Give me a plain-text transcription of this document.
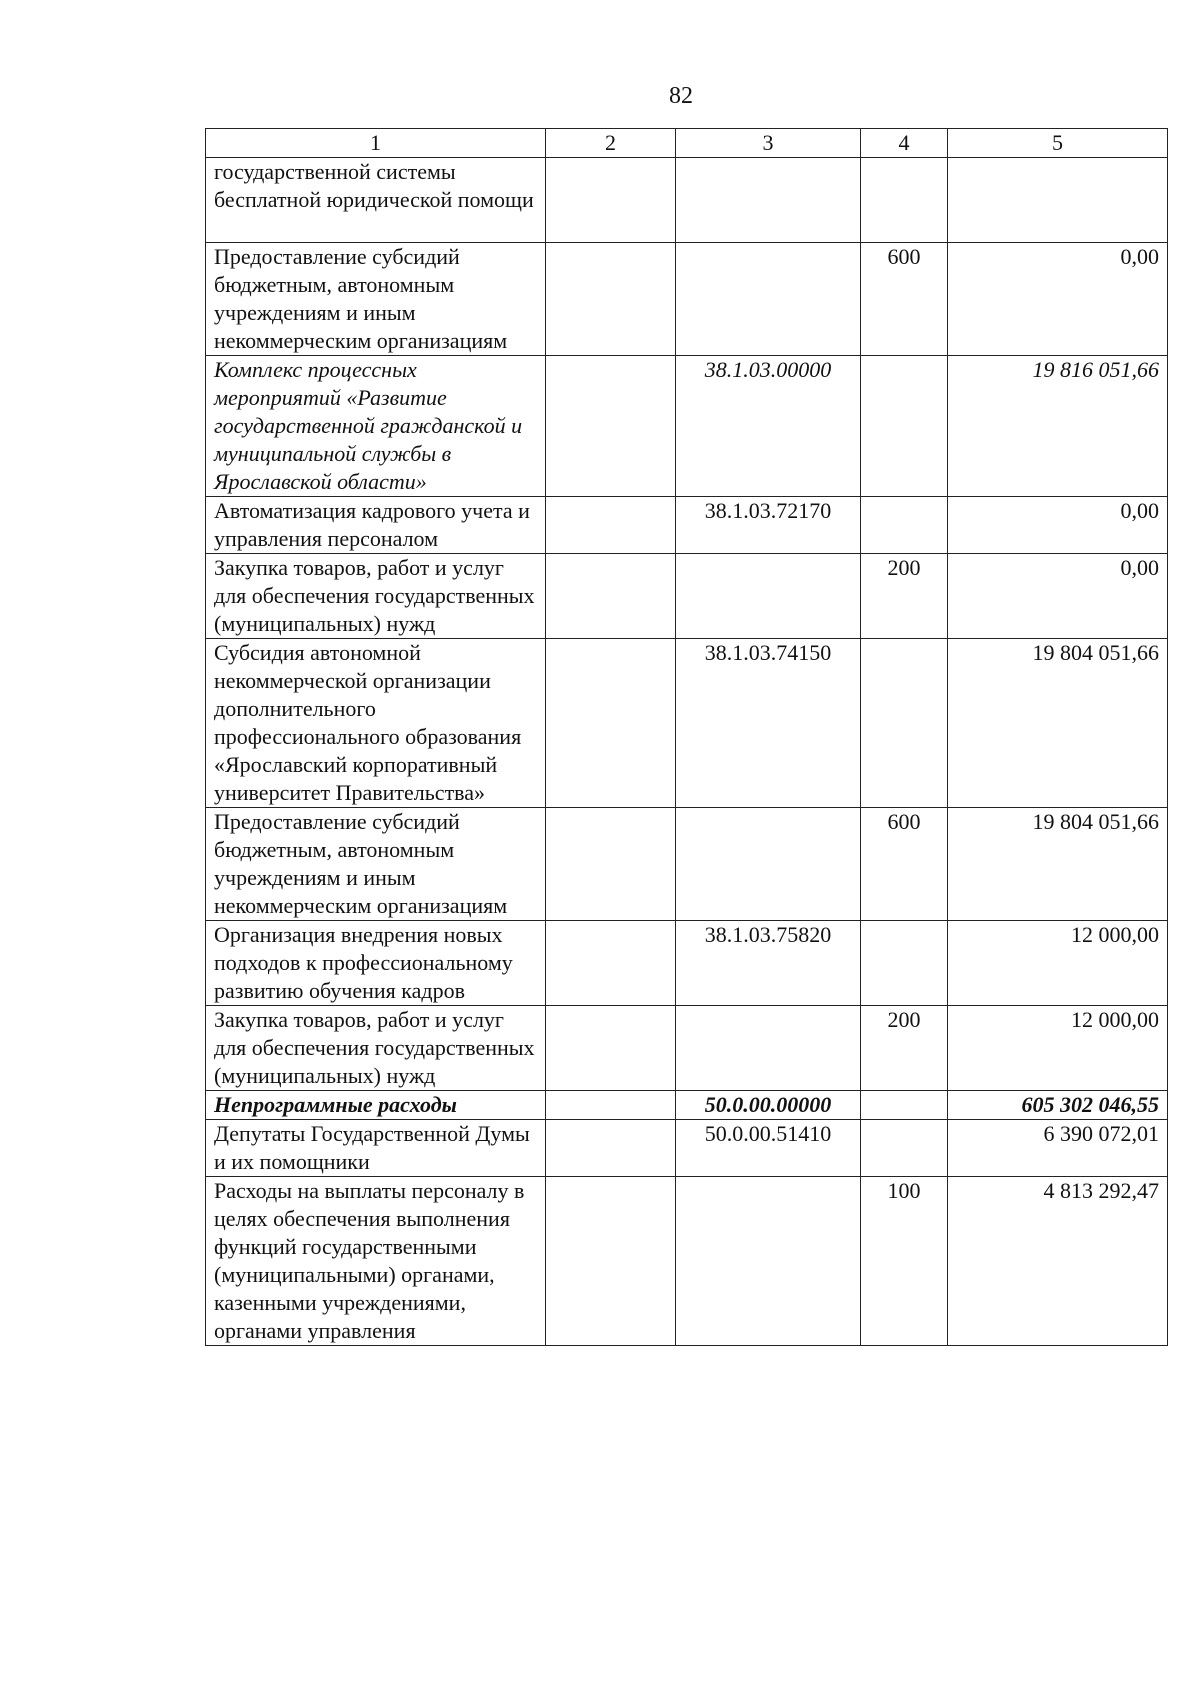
82
1	2	3	4	5
государственной системы бесплатной юридической помощи				
Предоставление субсидий бюджетным, автономным учреждениям и иным некоммерческим организациям			600	0,00
Комплекс процессных мероприятий «Развитие государственной гражданской и муниципальной службы в Ярославской области»		38.1.03.00000		19 816 051,66
Автоматизация кадрового учета и управления персоналом		38.1.03.72170		0,00
Закупка товаров, работ и услуг для обеспечения государственных (муниципальных) нужд			200	0,00
Субсидия автономной некоммерческой организации дополнительного профессионального образования «Ярославский корпоративный университет Правительства»		38.1.03.74150		19 804 051,66
Предоставление субсидий бюджетным, автономным учреждениям и иным некоммерческим организациям			600	19 804 051,66
Организация внедрения новых подходов к профессиональному развитию обучения кадров		38.1.03.75820		12 000,00
Закупка товаров, работ и услуг для обеспечения государственных (муниципальных) нужд			200	12 000,00
Непрограммные расходы		50.0.00.00000		605 302 046,55
Депутаты Государственной Думы и их помощники		50.0.00.51410		6 390 072,01
Расходы на выплаты персоналу в целях обеспечения выполнения функций государственными (муниципальными) органами, казенными учреждениями, органами управления			100	4 813 292,47
